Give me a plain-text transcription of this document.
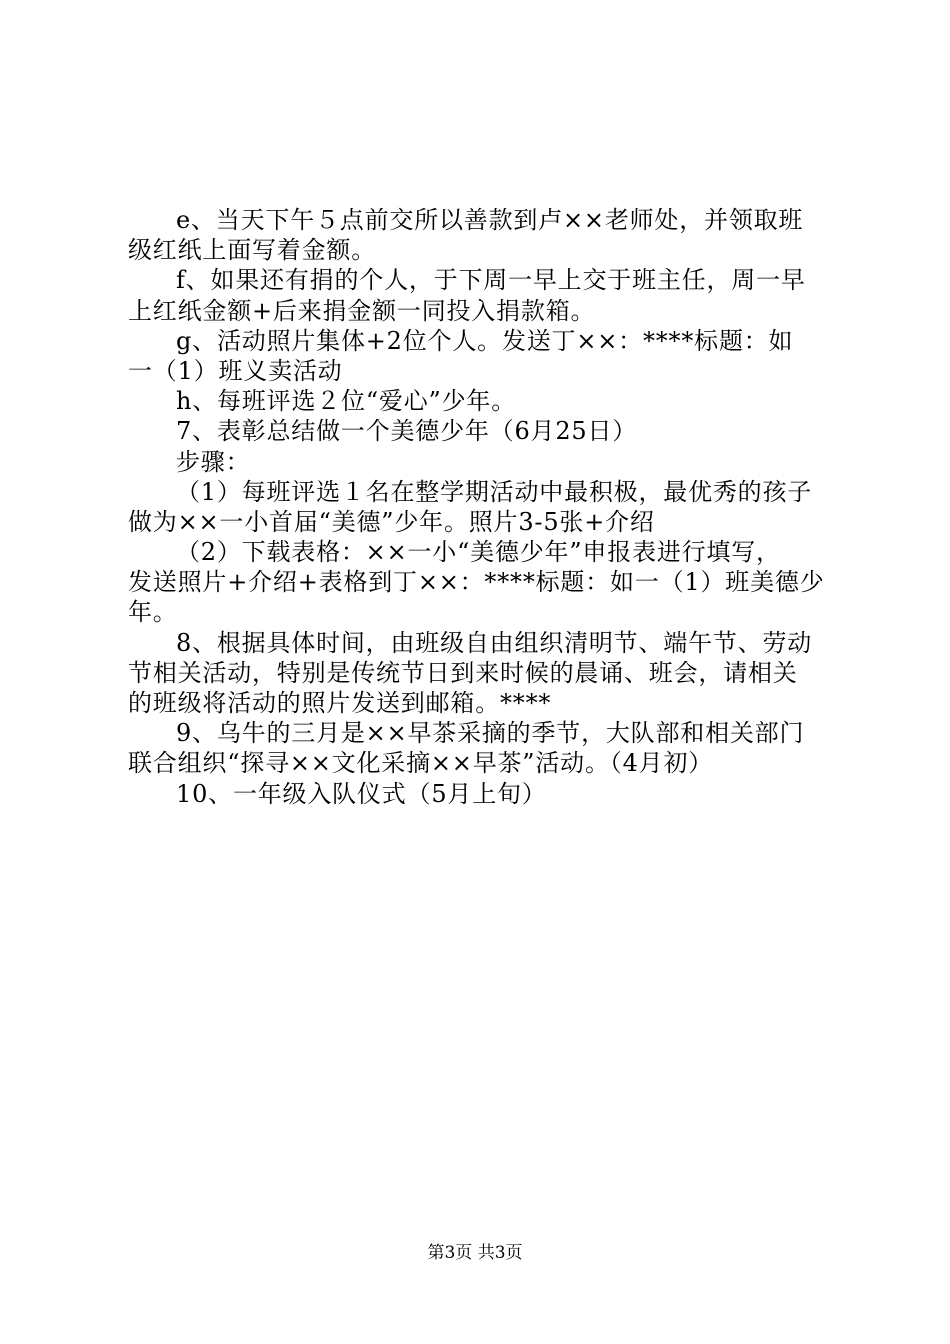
e、当天下午５点前交所以善款到卢××老师处，并领取班
级红纸上面写着金额。
f、如果还有捐的个人，于下周一早上交于班主任，周一早
上红纸金额+后来捐金额一同投入捐款箱。
g、活动照片集体+2位个人。发送丁××：****标题：如
一（1）班义卖活动
h、每班评选２位“爱心”少年。
7、表彰总结做一个美德少年（6月25日）
步骤：
（1）每班评选１名在整学期活动中最积极，最优秀的孩子
做为××一小首届“美德”少年。照片3-5张+介绍
（2）下载表格：××一小“美德少年”申报表进行填写，
发送照片+介绍+表格到丁××：****标题：如一（1）班美德少
年。
8、根据具体时间，由班级自由组织清明节、端午节、劳动
节相关活动，特别是传统节日到来时候的晨诵、班会，请相关
的班级将活动的照片发送到邮箱。****
9、乌牛的三月是××早茶采摘的季节，大队部和相关部门
联合组织“探寻××文化采摘××早茶”活动。（4月初）
10、一年级入队仪式（5月上旬）
第3页 共3页
